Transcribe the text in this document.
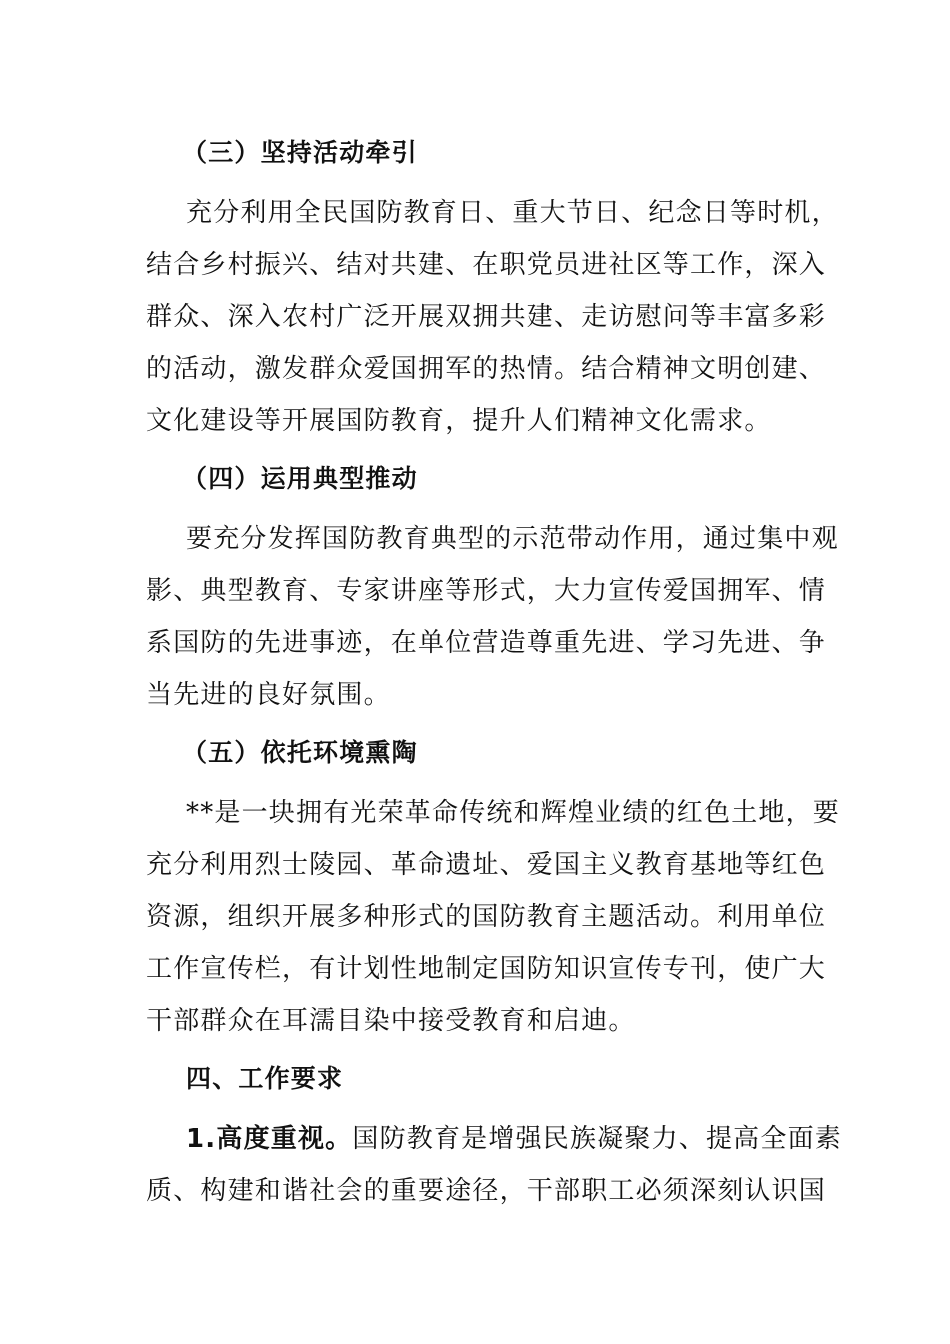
（三）坚持活动牵引
充分利用全民国防教育日、重大节日、纪念日等时机，
结合乡村振兴、结对共建、在职党员进社区等工作，深入
群众、深入农村广泛开展双拥共建、走访慰问等丰富多彩
的活动，激发群众爱国拥军的热情。结合精神文明创建、
文化建设等开展国防教育，提升人们精神文化需求。
（四）运用典型推动
要充分发挥国防教育典型的示范带动作用，通过集中观
影、典型教育、专家讲座等形式，大力宣传爱国拥军、情
系国防的先进事迹，在单位营造尊重先进、学习先进、争
当先进的良好氛围。
（五）依托环境熏陶
**是一块拥有光荣革命传统和辉煌业绩的红色土地，要
充分利用烈士陵园、革命遗址、爱国主义教育基地等红色
资源，组织开展多种形式的国防教育主题活动。利用单位
工作宣传栏，有计划性地制定国防知识宣传专刊，使广大
干部群众在耳濡目染中接受教育和启迪。
四、工作要求
1.高度重视。国防教育是增强民族凝聚力、提高全面素
质、构建和谐社会的重要途径，干部职工必须深刻认识国
